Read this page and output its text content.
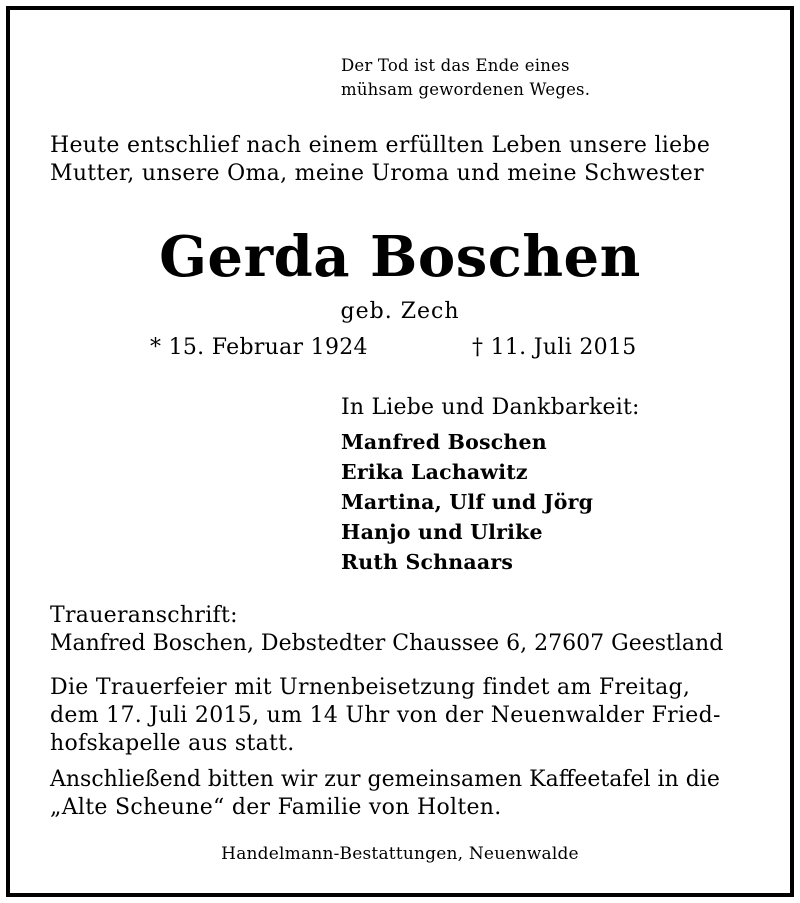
Der Tod ist das Ende eines

mühsam gewordenen Weges.

Heute entschlief nach einem erfüllten Leben unsere liebe

Mutter, unsere Oma, meine Uroma und meine Schwester

Gerda Boschen

geb. Zech

* 15. Februar 1924	† 11. Juli 2015

In Liebe und Dankbarkeit:

Manfred Boschen

Erika Lachawitz

Martina, Ulf und Jörg

Hanjo und Ulrike

Ruth Schnaars

Traueranschrift:

Manfred Boschen, Debstedter Chaussee 6, 27607 Geestland

Die Trauerfeier mit Urnenbeisetzung findet am Freitag,

dem 17. Juli 2015, um 14 Uhr von der Neuenwalder Fried-

hofskapelle aus statt.

Anschließend bitten wir zur gemeinsamen Kaffeetafel in die

„Alte Scheune“ der Familie von Holten.

Handelmann-Bestattungen, Neuenwalde
